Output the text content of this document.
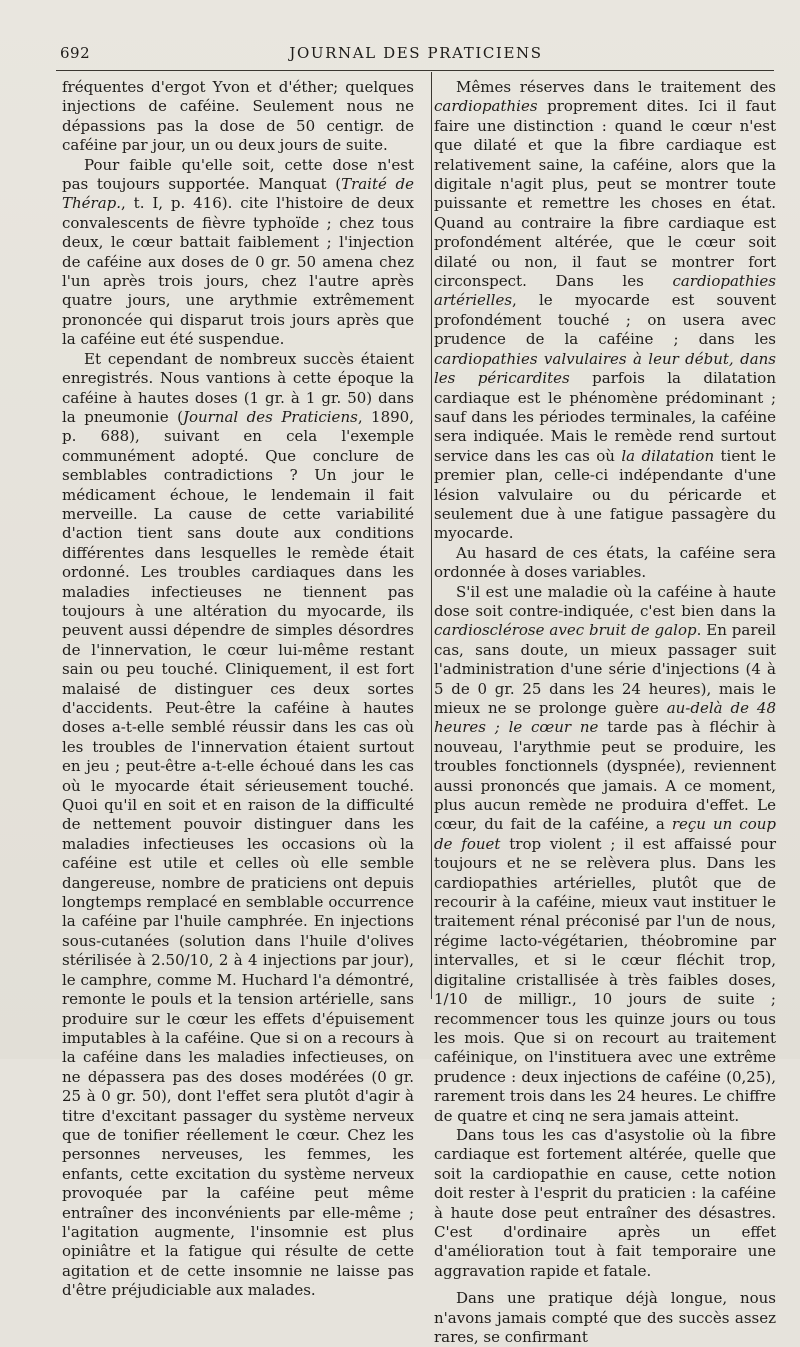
692	JOURNAL DES PRATICIENS

fréquentes d'ergot Yvon et d'éther; quelques injections de caféine. Seulement nous ne dépassions pas la dose de 50 centigr. de caféine par jour, un ou deux jours de suite.

Pour faible qu'elle soit, cette dose n'est pas toujours supportée. Manquat (Traité de Thérap., t. I, p. 416). cite l'histoire de deux convalescents de fièvre typhoïde ; chez tous deux, le cœur battait faiblement ; l'injection de caféine aux doses de 0 gr. 50 amena chez l'un après trois jours, chez l'autre après quatre jours, une arythmie extrêmement prononcée qui disparut trois jours après que la caféine eut été suspendue.

Et cependant de nombreux succès étaient enregistrés. Nous vantions à cette époque la caféine à hautes doses (1 gr. à 1 gr. 50) dans la pneumonie (Journal des Praticiens, 1890, p. 688), suivant en cela l'exemple communément adopté. Que conclure de semblables contradictions ? Un jour le médicament échoue, le lendemain il fait merveille. La cause de cette variabilité d'action tient sans doute aux conditions différentes dans lesquelles le remède était ordonné. Les troubles cardiaques dans les maladies infectieuses ne tiennent pas toujours à une altération du myocarde, ils peuvent aussi dépendre de simples désordres de l'innervation, le cœur lui-même restant sain ou peu touché. Cliniquement, il est fort malaisé de distinguer ces deux sortes d'accidents. Peut-être la caféine à hautes doses a-t-elle semblé réussir dans les cas où les troubles de l'innervation étaient surtout en jeu ; peut-être a-t-elle échoué dans les cas où le myocarde était sérieusement touché. Quoi qu'il en soit et en raison de la difficulté de nettement pouvoir distinguer dans les maladies infectieuses les occasions où la caféine est utile et celles où elle semble dangereuse, nombre de praticiens ont depuis longtemps remplacé en semblable occurrence la caféine par l'huile camphrée. En injections sous-cutanées (solution dans l'huile d'olives stérilisée à 2.50/10, 2 à 4 injections par jour), le camphre, comme M. Huchard l'a démontré, remonte le pouls et la tension artérielle, sans produire sur le cœur les effets d'épuisement imputables à la caféine. Que si on a recours à la caféine dans les maladies infectieuses, on ne dépassera pas des doses modérées (0 gr. 25 à 0 gr. 50), dont l'effet sera plutôt d'agir à titre d'excitant passager du système nerveux que de tonifier réellement le cœur. Chez les personnes nerveuses, les femmes, les enfants, cette excitation du système nerveux provoquée par la caféine peut même entraîner des inconvénients par elle-même ; l'agitation augmente, l'insomnie est plus opiniâtre et la fatigue qui résulte de cette agitation et de cette insomnie ne laisse pas d'être préjudiciable aux malades.

Mêmes réserves dans le traitement des cardiopathies proprement dites. Ici il faut faire une distinction : quand le cœur n'est que dilaté et que la fibre cardiaque est relativement saine, la caféine, alors que la digitale n'agit plus, peut se montrer toute puissante et remettre les choses en état. Quand au contraire la fibre cardiaque est profondément altérée, que le cœur soit dilaté ou non, il faut se montrer fort circonspect. Dans les cardiopathies artérielles, le myocarde est souvent profondément touché ; on usera avec prudence de la caféine ; dans les cardiopathies valvulaires à leur début, dans les péricardites parfois la dilatation cardiaque est le phénomène prédominant ; sauf dans les périodes terminales, la caféine sera indiquée. Mais le remède rend surtout service dans les cas où la dilatation tient le premier plan, celle-ci indépendante d'une lésion valvulaire ou du péricarde et seulement due à une fatigue passagère du myocarde.

Au hasard de ces états, la caféine sera ordonnée à doses variables.

S'il est une maladie où la caféine à haute dose soit contre-indiquée, c'est bien dans la cardiosclérose avec bruit de galop. En pareil cas, sans doute, un mieux passager suit l'administration d'une série d'injections (4 à 5 de 0 gr. 25 dans les 24 heures), mais le mieux ne se prolonge guère au-delà de 48 heures ; le cœur ne tarde pas à fléchir à nouveau, l'arythmie peut se produire, les troubles fonctionnels (dyspnée), reviennent aussi prononcés que jamais. A ce moment, plus aucun remède ne produira d'effet. Le cœur, du fait de la caféine, a reçu un coup de fouet trop violent ; il est affaissé pour toujours et ne se relèvera plus. Dans les cardiopathies artérielles, plutôt que de recourir à la caféine, mieux vaut instituer le traitement rénal préconisé par l'un de nous, régime lacto-végétarien, théobromine par intervalles, et si le cœur fléchit trop, digitaline cristallisée à très faibles doses, 1/10 de milligr., 10 jours de suite ; recommencer tous les quinze jours ou tous les mois. Que si on recourt au traitement caféinique, on l'instituera avec une extrême prudence : deux injections de caféine (0,25), rarement trois dans les 24 heures. Le chiffre de quatre et cinq ne sera jamais atteint.

Dans tous les cas d'asystolie où la fibre cardiaque est fortement altérée, quelle que soit la cardiopathie en cause, cette notion doit rester à l'esprit du praticien : la caféine à haute dose peut entraîner des désastres. C'est d'ordinaire après un effet d'amélioration tout à fait temporaire une aggravation rapide et fatale.

Dans une pratique déjà longue, nous n'avons jamais compté que des succès assez rares, se confirmant
